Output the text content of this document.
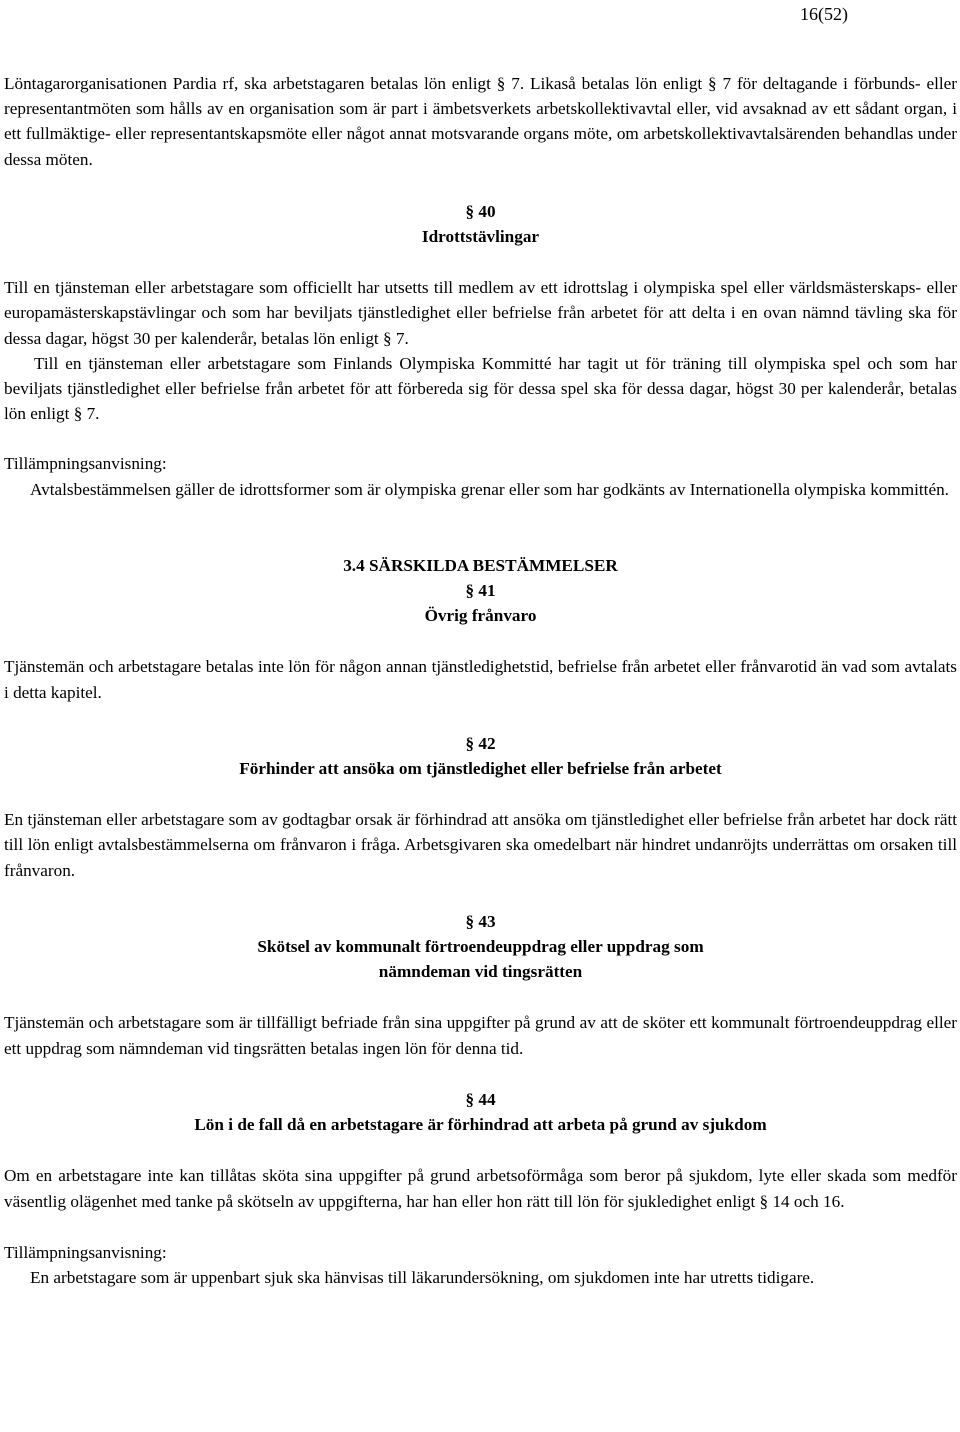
16(52)

Löntagarorganisationen Pardia rf, ska arbetstagaren betalas lön enligt § 7. Likaså betalas lön enligt § 7 för deltagande i förbunds- eller representantmöten som hålls av en organisation som är part i ämbetsverkets arbetskollektivavtal eller, vid avsaknad av ett sådant organ, i ett fullmäktige- eller representantskapsmöte eller något annat motsvarande organs möte, om arbetskollektivavtalsärenden behandlas under dessa möten.

§ 40
Idrottstävlingar

Till en tjänsteman eller arbetstagare som officiellt har utsetts till medlem av ett idrottslag i olympiska spel eller världsmästerskaps- eller europamästerskapstävlingar och som har beviljats tjänstledighet eller befrielse från arbetet för att delta i en ovan nämnd tävling ska för dessa dagar, högst 30 per kalenderår, betalas lön enligt § 7.

Till en tjänsteman eller arbetstagare som Finlands Olympiska Kommitté har tagit ut för träning till olympiska spel och som har beviljats tjänstledighet eller befrielse från arbetet för att förbereda sig för dessa spel ska för dessa dagar, högst 30 per kalenderår, betalas lön enligt § 7.

Tillämpningsanvisning:
Avtalsbestämmelsen gäller de idrottsformer som är olympiska grenar eller som har godkänts av Internationella olympiska kommittén.
3.4 SÄRSKILDA BESTÄMMELSER
§ 41
Övrig frånvaro

Tjänstemän och arbetstagare betalas inte lön för någon annan tjänstledighetstid, befrielse från arbetet eller frånvarotid än vad som avtalats i detta kapitel.

§ 42
Förhinder att ansöka om tjänstledighet eller befrielse från arbetet

En tjänsteman eller arbetstagare som av godtagbar orsak är förhindrad att ansöka om tjänstledighet eller befrielse från arbetet har dock rätt till lön enligt avtalsbestämmelserna om frånvaron i fråga. Arbetsgivaren ska omedelbart när hindret undanröjts underrättas om orsaken till frånvaron.

§ 43
Skötsel av kommunalt förtroendeuppdrag eller uppdrag som
nämndeman vid tingsrätten

Tjänstemän och arbetstagare som är tillfälligt befriade från sina uppgifter på grund av att de sköter ett kommunalt förtroendeuppdrag eller ett uppdrag som nämndeman vid tingsrätten betalas ingen lön för denna tid.

§ 44
Lön i de fall då en arbetstagare är förhindrad att arbeta på grund av sjukdom

Om en arbetstagare inte kan tillåtas sköta sina uppgifter på grund arbetsoförmåga som beror på sjukdom, lyte eller skada som medför väsentlig olägenhet med tanke på skötseln av uppgifterna, har han eller hon rätt till lön för sjukledighet enligt § 14 och 16.

Tillämpningsanvisning:
En arbetstagare som är uppenbart sjuk ska hänvisas till läkarundersökning, om sjukdomen inte har utretts tidigare.
